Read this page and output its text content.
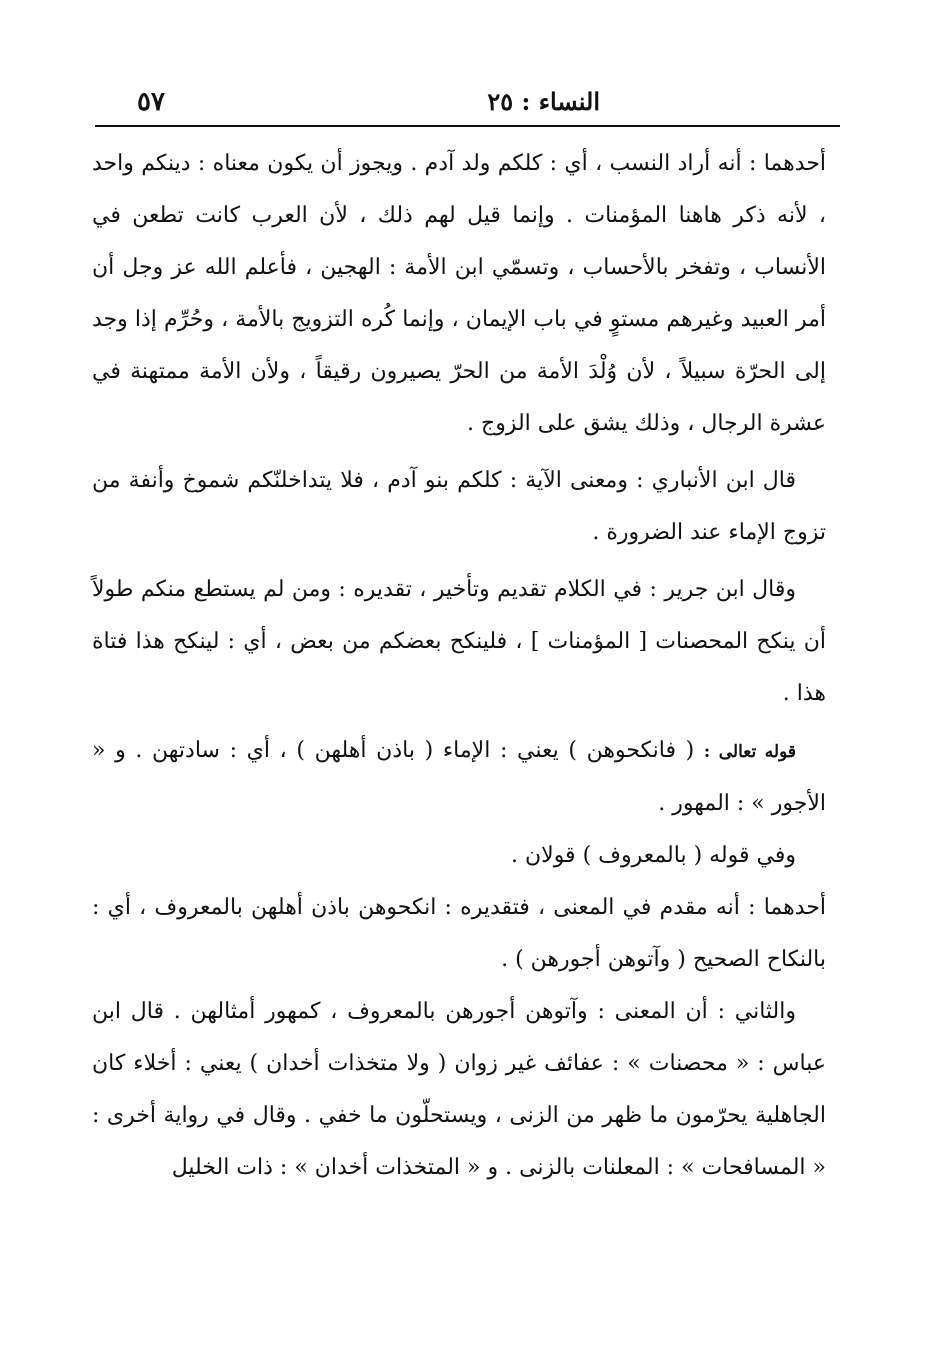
النساء : ٢٥
٥٧

أحدهما : أنه أراد النسب ، أي : كلكم ولد آدم . ويجوز أن يكون معناه : دينكم واحد ، لأنه ذكر هاهنا المؤمنات . وإنما قيل لهم ذلك ، لأن العرب كانت تطعن في الأنساب ، وتفخر بالأحساب ، وتسمّي ابن الأمة : الهجين ، فأعلم الله عز وجل أن أمر العبيد وغيرهم مستوٍ في باب الإيمان ، وإنما كُره التزويج بالأمة ، وحُرِّم إذا وجد إلى الحرّة سبيلاً ، لأن وُلْدَ الأمة من الحرّ يصيرون رقيقاً ، ولأن الأمة ممتهنة في عشرة الرجال ، وذلك يشق على الزوج .

قال ابن الأنباري : ومعنى الآية : كلكم بنو آدم ، فلا يتداخلنّكم شموخ وأنفة من تزوج الإماء عند الضرورة .

وقال ابن جرير : في الكلام تقديم وتأخير ، تقديره : ومن لم يستطع منكم طولاً أن ينكح المحصنات [ المؤمنات ] ، فلينكح بعضكم من بعض ، أي : لينكح هذا فتاة هذا .

قوله تعالى : ( فانكحوهن ) يعني : الإماء ( باذن أهلهن ) ، أي : سادتهن . و « الأجور » : المهور .

وفي قوله ( بالمعروف ) قولان .

أحدهما : أنه مقدم في المعنى ، فتقديره : انكحوهن باذن أهلهن بالمعروف ، أي : بالنكاح الصحيح ( وآتوهن أجورهن ) .

والثاني : أن المعنى : وآتوهن أجورهن بالمعروف ، كمهور أمثالهن . قال ابن عباس : « محصنات » : عفائف غير زوان ( ولا متخذات أخدان ) يعني : أخلاء كان الجاهلية يحرّمون ما ظهر من الزنى ، ويستحلّون ما خفي . وقال في رواية أخرى : « المسافحات » : المعلنات بالزنى . و « المتخذات أخدان » : ذات الخليل
